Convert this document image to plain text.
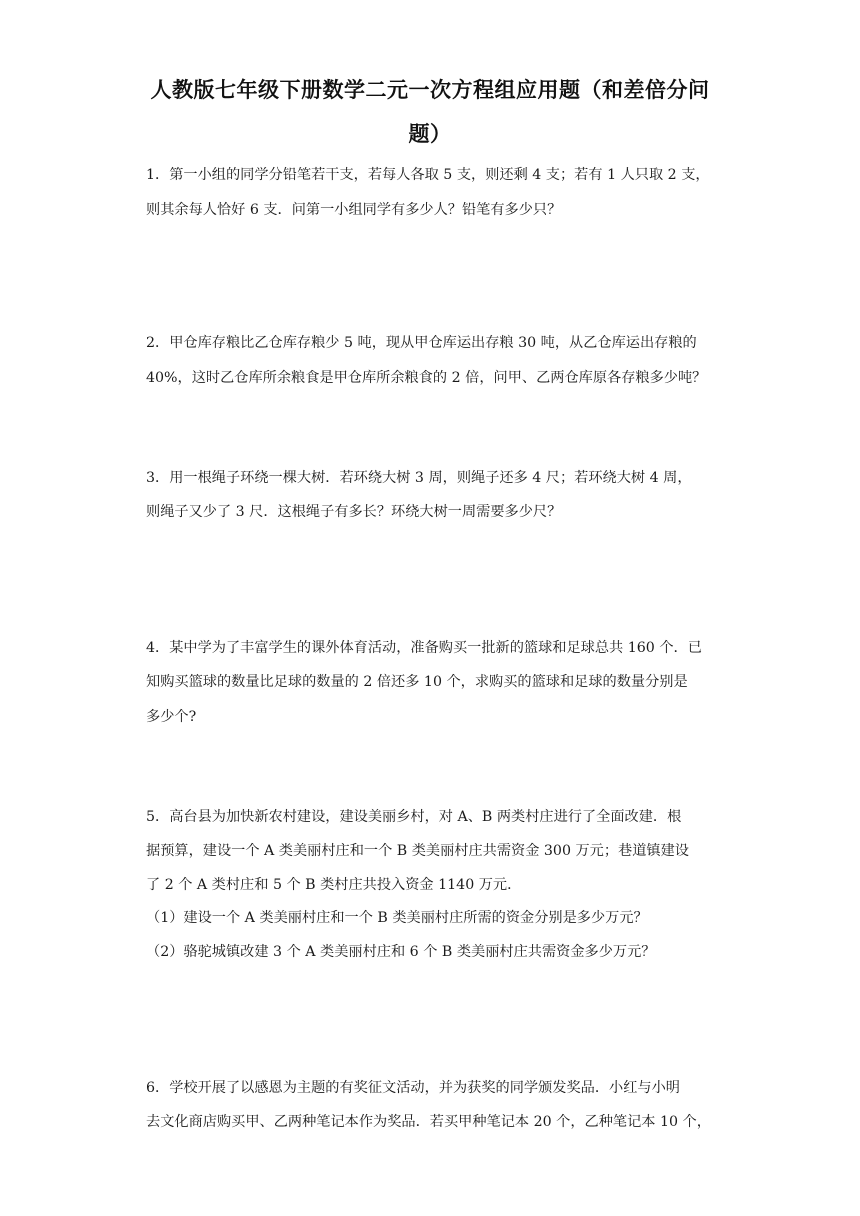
人教版七年级下册数学二元一次方程组应用题（和差倍分问
题）
1．第一小组的同学分铅笔若干支，若每人各取 5 支，则还剩 4 支；若有 1 人只取 2 支，
则其余每人恰好 6 支．问第一小组同学有多少人？铅笔有多少只？
2．甲仓库存粮比乙仓库存粮少 5 吨，现从甲仓库运出存粮 30 吨，从乙仓库运出存粮的
40%，这时乙仓库所余粮食是甲仓库所余粮食的 2 倍，问甲、乙两仓库原各存粮多少吨？
3．用一根绳子环绕一棵大树．若环绕大树 3 周，则绳子还多 4 尺；若环绕大树 4 周，
则绳子又少了 3 尺．这根绳子有多长？环绕大树一周需要多少尺？
4．某中学为了丰富学生的课外体育活动，准备购买一批新的篮球和足球总共 160 个．已
知购买篮球的数量比足球的数量的 2 倍还多 10 个，求购买的篮球和足球的数量分别是
多少个?
5．高台县为加快新农村建设，建设美丽乡村，对 A、B 两类村庄进行了全面改建．根
据预算，建设一个 A 类美丽村庄和一个 B 类美丽村庄共需资金 300 万元；巷道镇建设
了 2 个 A 类村庄和 5 个 B 类村庄共投入资金 1140 万元．
（1）建设一个 A 类美丽村庄和一个 B 类美丽村庄所需的资金分别是多少万元？
（2）骆驼城镇改建 3 个 A 类美丽村庄和 6 个 B 类美丽村庄共需资金多少万元？
6．学校开展了以感恩为主题的有奖征文活动，并为获奖的同学颁发奖品．小红与小明
去文化商店购买甲、乙两种笔记本作为奖品．若买甲种笔记本 20 个，乙种笔记本 10 个，
